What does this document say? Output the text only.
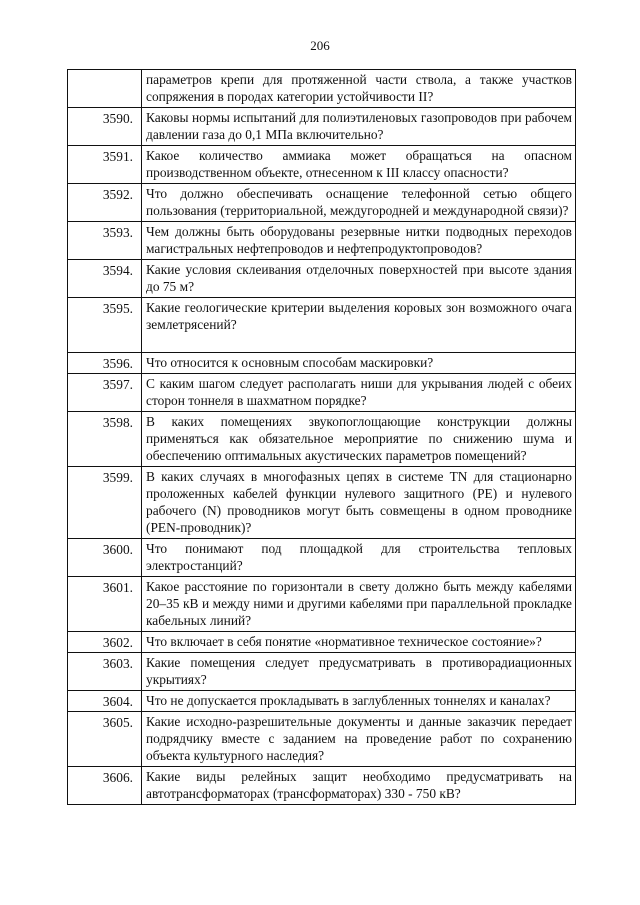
206
	параметров крепи для протяженной части ствола, а также участков сопряжения в породах категории устойчивости II?
3590.	Каковы нормы испытаний для полиэтиленовых газопроводов при рабочем давлении газа до 0,1 МПа включительно?
3591.	Какое количество аммиака может обращаться на опасном производственном объекте, отнесенном к III классу опасности?
3592.	Что должно обеспечивать оснащение телефонной сетью общего пользования (территориальной, междугородней и международной связи)?
3593.	Чем должны быть оборудованы резервные нитки подводных переходов магистральных нефтепроводов и нефтепродуктопроводов?
3594.	Какие условия склеивания отделочных поверхностей при высоте здания до 75 м?
3595.	Какие геологические критерии выделения коровых зон возможного очага землетрясений?
3596.	Что относится к основным способам маскировки?
3597.	С каким шагом следует располагать ниши для укрывания людей с обеих сторон тоннеля в шахматном порядке?
3598.	В каких помещениях звукопоглощающие конструкции должны применяться как обязательное мероприятие по снижению шума и обеспечению оптимальных акустических параметров помещений?
3599.	В каких случаях в многофазных цепях в системе TN для стационарно проложенных кабелей функции нулевого защитного (PE) и нулевого рабочего (N) проводников могут быть совмещены в одном проводнике (PEN-проводник)?
3600.	Что понимают под площадкой для строительства тепловых электростанций?
3601.	Какое расстояние по горизонтали в свету должно быть между кабелями 20–35 кВ и между ними и другими кабелями при параллельной прокладке кабельных линий?
3602.	Что включает в себя понятие «нормативное техническое состояние»?
3603.	Какие помещения следует предусматривать в противорадиационных укрытиях?
3604.	Что не допускается прокладывать в заглубленных тоннелях и каналах?
3605.	Какие исходно-разрешительные документы и данные заказчик передает подрядчику вместе с заданием на проведение работ по сохранению объекта культурного наследия?
3606.	Какие виды релейных защит необходимо предусматривать на автотрансформаторах (трансформаторах) 330 - 750 кВ?
